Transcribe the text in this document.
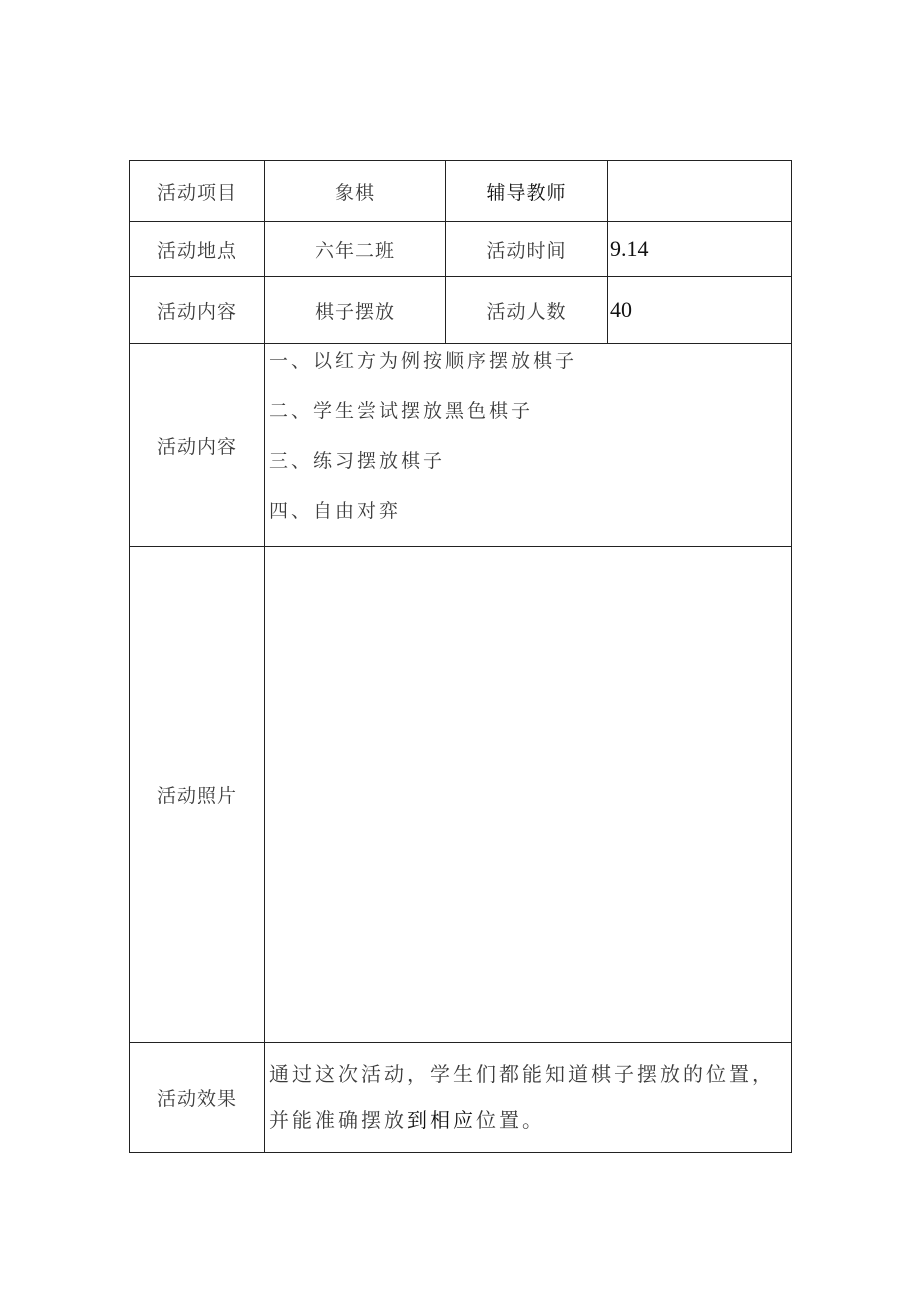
活动项目	象棋	辅导教师	
活动地点	六年二班	活动时间	9.14
活动内容	棋子摆放	活动人数	40
活动内容	一、以红方为例按顺序摆放棋子
二、学生尝试摆放黑色棋子
三、练习摆放棋子
四、自由对弈		

活动照片			
活动效果	通过这次活动，学生们都能知道棋子摆放的位置，并能准确摆放到相应位置。		
